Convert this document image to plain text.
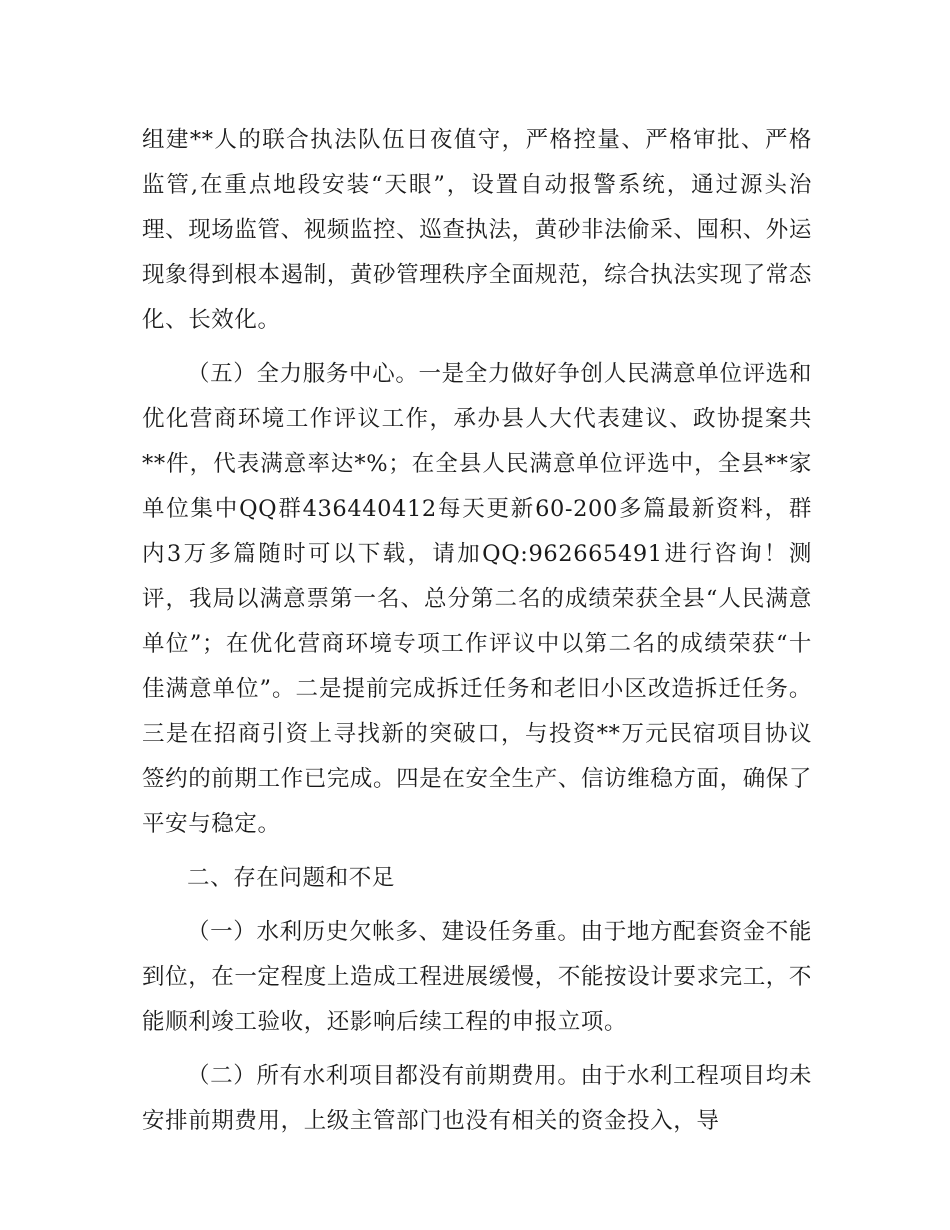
组建**人的联合执法队伍日夜值守，严格控量、严格审批、严格监管,在重点地段安装“天眼”，设置自动报警系统，通过源头治理、现场监管、视频监控、巡查执法，黄砂非法偷采、囤积、外运现象得到根本遏制，黄砂管理秩序全面规范，综合执法实现了常态化、长效化。

（五）全力服务中心。一是全力做好争创人民满意单位评选和优化营商环境工作评议工作，承办县人大代表建议、政协提案共**件，代表满意率达*%；在全县人民满意单位评选中，全县**家单位集中QQ群436440412每天更新60-200多篇最新资料，群内3万多篇随时可以下载，请加QQ:962665491进行咨询！测评，我局以满意票第一名、总分第二名的成绩荣获全县“人民满意单位”；在优化营商环境专项工作评议中以第二名的成绩荣获“十佳满意单位”。二是提前完成拆迁任务和老旧小区改造拆迁任务。三是在招商引资上寻找新的突破口，与投资**万元民宿项目协议签约的前期工作已完成。四是在安全生产、信访维稳方面，确保了平安与稳定。

二、存在问题和不足

（一）水利历史欠帐多、建设任务重。由于地方配套资金不能到位，在一定程度上造成工程进展缓慢，不能按设计要求完工，不能顺利竣工验收，还影响后续工程的申报立项。

（二）所有水利项目都没有前期费用。由于水利工程项目均未安排前期费用，上级主管部门也没有相关的资金投入，导
